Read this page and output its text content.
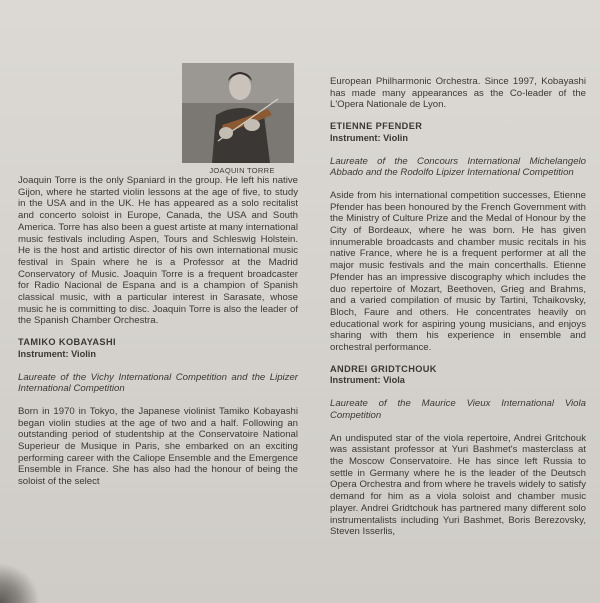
JOAQUIN TORRE

Joaquin Torre is the only Spaniard in the group. He left his native Gijon, where he started violin lessons at the age of five, to study in the USA and in the UK. He has appeared as a solo recitalist and concerto soloist in Europe, Canada, the USA and South America. Torre has also been a guest artiste at many international music festivals including Aspen, Tours and Schleswig Holstein. He is the host and artistic director of his own international music festival in Spain where he is a Professor at the Madrid Conservatory of Music. Joaquin Torre is a frequent broadcaster for Radio Nacional de Espana and is a champion of Spanish classical music, with a particular interest in Sarasate, whose music he is committing to disc. Joaquin Torre is also the leader of the Spanish Chamber Orchestra.

TAMIKO KOBAYASHI
Instrument: Violin
Laureate of the Vichy International Competition and the Lipizer International Competition

Born in 1970 in Tokyo, the Japanese violinist Tamiko Kobayashi began violin studies at the age of two and a half. Following an outstanding period of studentship at the Conservatoire National Superieur de Musique in Paris, she embarked on an exciting performing career with the Caliope Ensemble and the Emergence Ensemble in France. She has also had the honour of being the soloist of the select

European Philharmonic Orchestra. Since 1997, Kobayashi has made many appearances as the Co-leader of the L'Opera Nationale de Lyon.

ETIENNE PFENDER
Instrument: Violin
Laureate of the Concours International Michelangelo Abbado and the Rodolfo Lipizer International Competition

Aside from his international competition successes, Etienne Pfender has been honoured by the French Government with the Ministry of Culture Prize and the Medal of Honour by the City of Bordeaux, where he was born. He has given innumerable broadcasts and chamber music recitals in his native France, where he is a frequent performer at all the major music festivals and the main concerthalls. Etienne Pfender has an impressive discography which includes the duo repertoire of Mozart, Beethoven, Grieg and Brahms, and a varied compilation of music by Tartini, Tchaikovsky, Bloch, Faure and others. He concentrates heavily on educational work for aspiring young musicians, and enjoys sharing with them his experience in ensemble and orchestral performance.

ANDREI GRIDTCHOUK
Instrument: Viola
Laureate of the Maurice Vieux International Viola Competition

An undisputed star of the viola repertoire, Andrei Gritchouk was assistant professor at Yuri Bashmet's masterclass at the Moscow Conservatoire. He has since left Russia to settle in Germany where he is the leader of the Deutsch Opera Orchestra and from where he travels widely to satisfy demand for him as a viola soloist and chamber music player. Andrei Gridtchouk has partnered many different solo instrumentalists including Yuri Bashmet, Boris Berezovsky, Steven Isserlis,
